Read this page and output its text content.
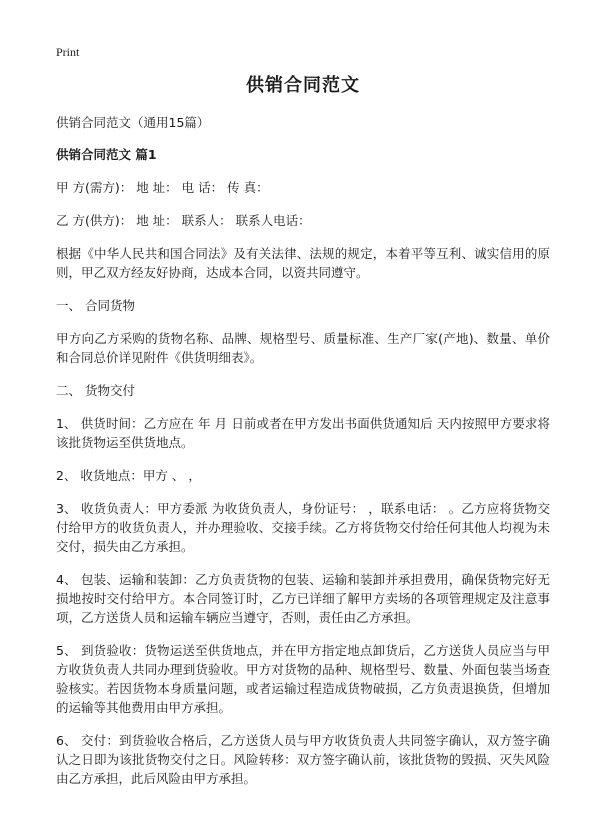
Print
供销合同范文
供销合同范文（通用15篇）
供销合同范文 篇1

甲 方(需方)： 地 址： 电 话： 传 真：

乙 方(供方)： 地 址： 联系人： 联系人电话：

根据《中华人民共和国合同法》及有关法律、法规的规定，本着平等互利、诚实信用的原则，甲乙双方经友好协商，达成本合同，以资共同遵守。

一、 合同货物

甲方向乙方采购的货物名称、品牌、规格型号、质量标准、生产厂家(产地)、数量、单价和合同总价详见附件《供货明细表》。

二、 货物交付

1、 供货时间：乙方应在 年 月 日前或者在甲方发出书面供货通知后 天内按照甲方要求将该批货物运至供货地点。

2、 收货地点：甲方 、 ，

3、 收货负责人：甲方委派 为收货负责人，身份证号： ，联系电话： 。乙方应将货物交付给甲方的收货负责人，并办理验收、交接手续。乙方将货物交付给任何其他人均视为未交付，损失由乙方承担。

4、 包装、运输和装卸：乙方负责货物的包装、运输和装卸并承担费用，确保货物完好无损地按时交付给甲方。本合同签订时，乙方已详细了解甲方卖场的各项管理规定及注意事项，乙方送货人员和运输车辆应当遵守，否则，责任由乙方承担。

5、 到货验收：货物运送至供货地点，并在甲方指定地点卸货后，乙方送货人员应当与甲方收货负责人共同办理到货验收。甲方对货物的品种、规格型号、数量、外面包装当场查验核实。若因货物本身质量问题，或者运输过程造成货物破损，乙方负责退换货，但增加的运输等其他费用由甲方承担。

6、 交付：到货验收合格后，乙方送货人员与甲方收货负责人共同签字确认，双方签字确认之日即为该批货物交付之日。风险转移：双方签字确认前，该批货物的毁损、灭失风险由乙方承担，此后风险由甲方承担。
